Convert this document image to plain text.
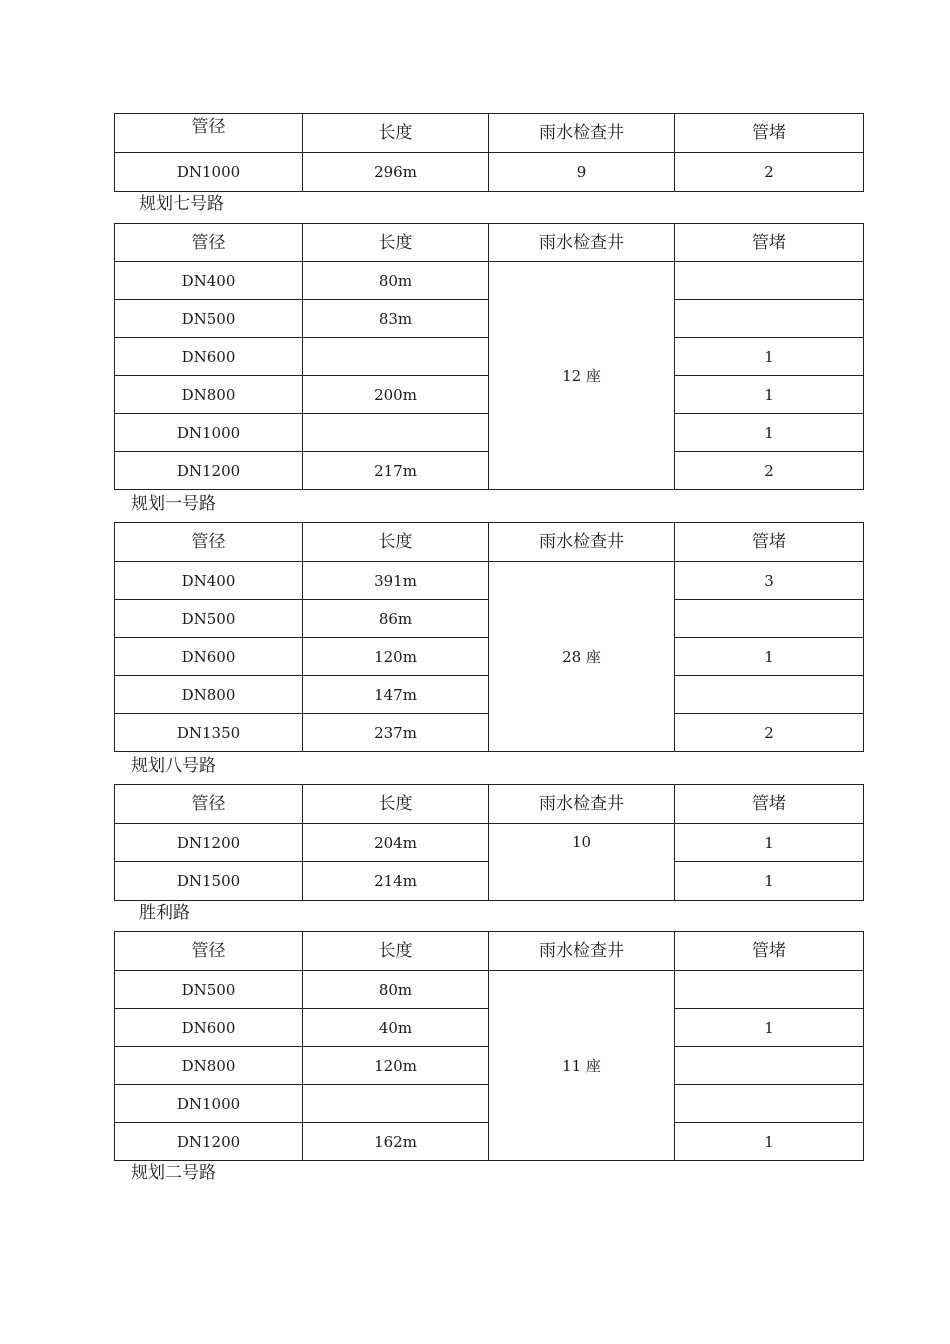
管径	长度	雨水检查井	管堵
DN1000	296m	9	2
规划七号路
管径	长度	雨水检查井	管堵
DN400	80m	12 座	
DN500	83m		
DN600			1
DN800	200m		1
DN1000			1
DN1200	217m		2
规划一号路
管径	长度	雨水检查井	管堵
DN400	391m	28 座	3
DN500	86m		
DN600	120m		1
DN800	147m		
DN1350	237m		2
规划八号路
管径	长度	雨水检查井	管堵
DN1200	204m	10	1
DN1500	214m		1
胜利路
管径	长度	雨水检查井	管堵
DN500	80m	11 座	
DN600	40m		1
DN800	120m		
DN1000			
DN1200	162m		1
规划二号路
